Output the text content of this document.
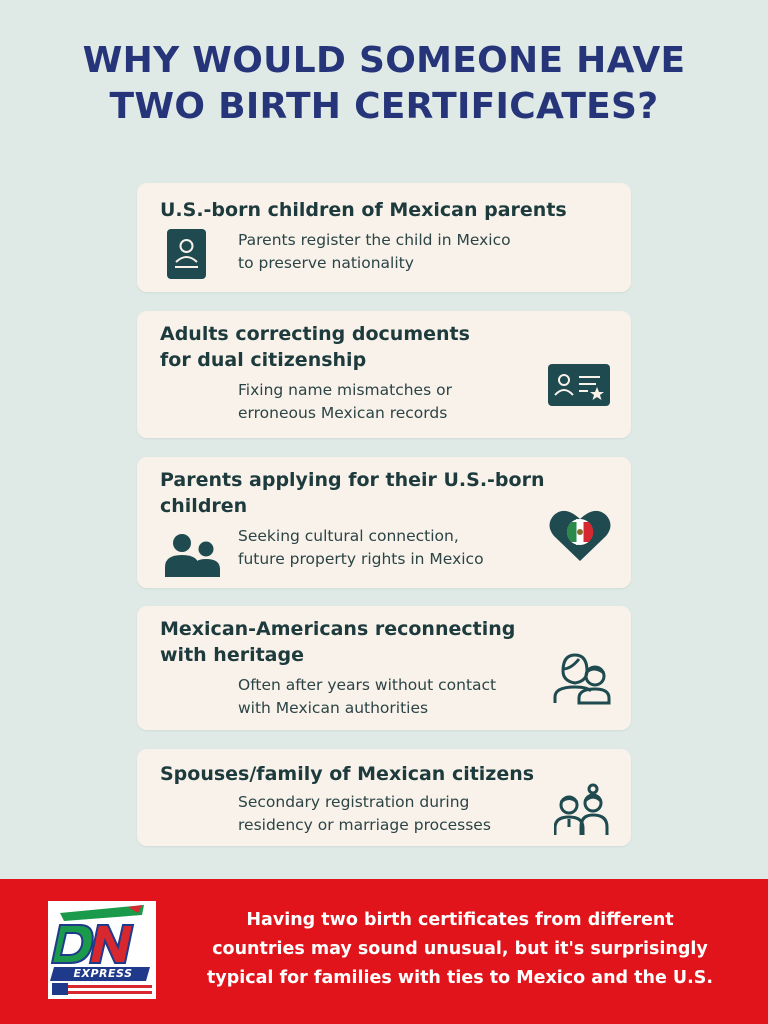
WHY WOULD SOMEONE HAVE
TWO BIRTH CERTIFICATES?
U.S.-born children of Mexican parents
Parents register the child in Mexico
to preserve nationality
Adults correcting documents
for dual citizenship
Fixing name mismatches or
erroneous Mexican records
Parents applying for their U.S.-born
children
Seeking cultural connection,
future property rights in Mexico
Mexican-Americans reconnecting
with heritage
Often after years without contact
with Mexican authorities
Spouses/family of Mexican citizens
Secondary registration during
residency or marriage processes
EXPRESS
Having two birth certificates from different
countries may sound unusual, but it's surprisingly
typical for families with ties to Mexico and the U.S.
